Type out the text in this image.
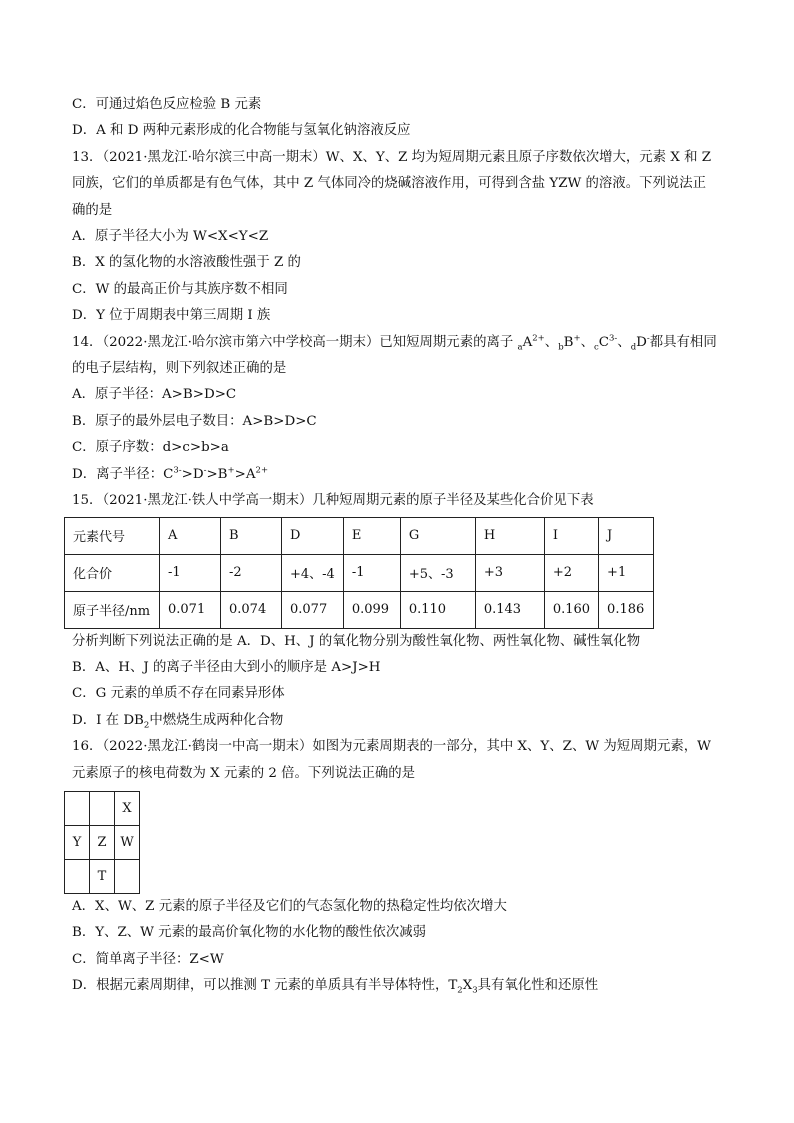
C．可通过焰色反应检验 B 元素
D．A 和 D 两种元素形成的化合物能与氢氧化钠溶液反应
13．（2021·黑龙江·哈尔滨三中高一期末）W、X、Y、Z 均为短周期元素且原子序数依次增大，元素 X 和 Z
同族，它们的单质都是有色气体，其中 Z 气体同冷的烧碱溶液作用，可得到含盐 YZW 的溶液。下列说法正
确的是
A．原子半径大小为 W<X<Y<Z
B．X 的氢化物的水溶液酸性强于 Z 的
C．W 的最高正价与其族序数不相同
D．Y 位于周期表中第三周期 I 族
14．（2022·黑龙江·哈尔滨市第六中学校高一期末）已知短周期元素的离子 $_aA^{2+}$、$_b$B+、$_cC^{3-}$、$_d$D-都具有相同
的电子层结构，则下列叙述正确的是
A．原子半径：A>B>D>C
B．原子的最外层电子数目：A>B>D>C
C．原子序数：d>c>b>a
D．离子半径：$C^{3-}>D^->B^+>A^{2+}$
15．（2021·黑龙江·铁人中学高一期末）几种短周期元素的原子半径及某些化合价见下表
元素代号	A	B	D	E	G	H	I	J
化合价	-1	-2	+4、-4	-1	+5、-3	+3	+2	+1
原子半径/nm	0.071	0.074	0.077	0.099	0.110	0.143	0.160	0.186
分析判断下列说法正确的是 A．D、H、J 的氧化物分别为酸性氧化物、两性氧化物、碱性氧化物
B．A、H、J 的离子半径由大到小的顺序是 A>J>H
C．G 元素的单质不存在同素异形体
D．I 在 $DB_2$中燃烧生成两种化合物
16．（2022·黑龙江·鹤岗一中高一期末）如图为元素周期表的一部分，其中 X、Y、Z、W 为短周期元素，W
元素原子的核电荷数为 X 元素的 2 倍。下列说法正确的是
		X
Y	Z	W
	T	
A．X、W、Z 元素的原子半径及它们的气态氢化物的热稳定性均依次增大
B．Y、Z、W 元素的最高价氧化物的水化物的酸性依次减弱
C．简单离子半径：Z<W
D．根据元素周期律，可以推测 T 元素的单质具有半导体特性，$T_2X_3$具有氧化性和还原性
